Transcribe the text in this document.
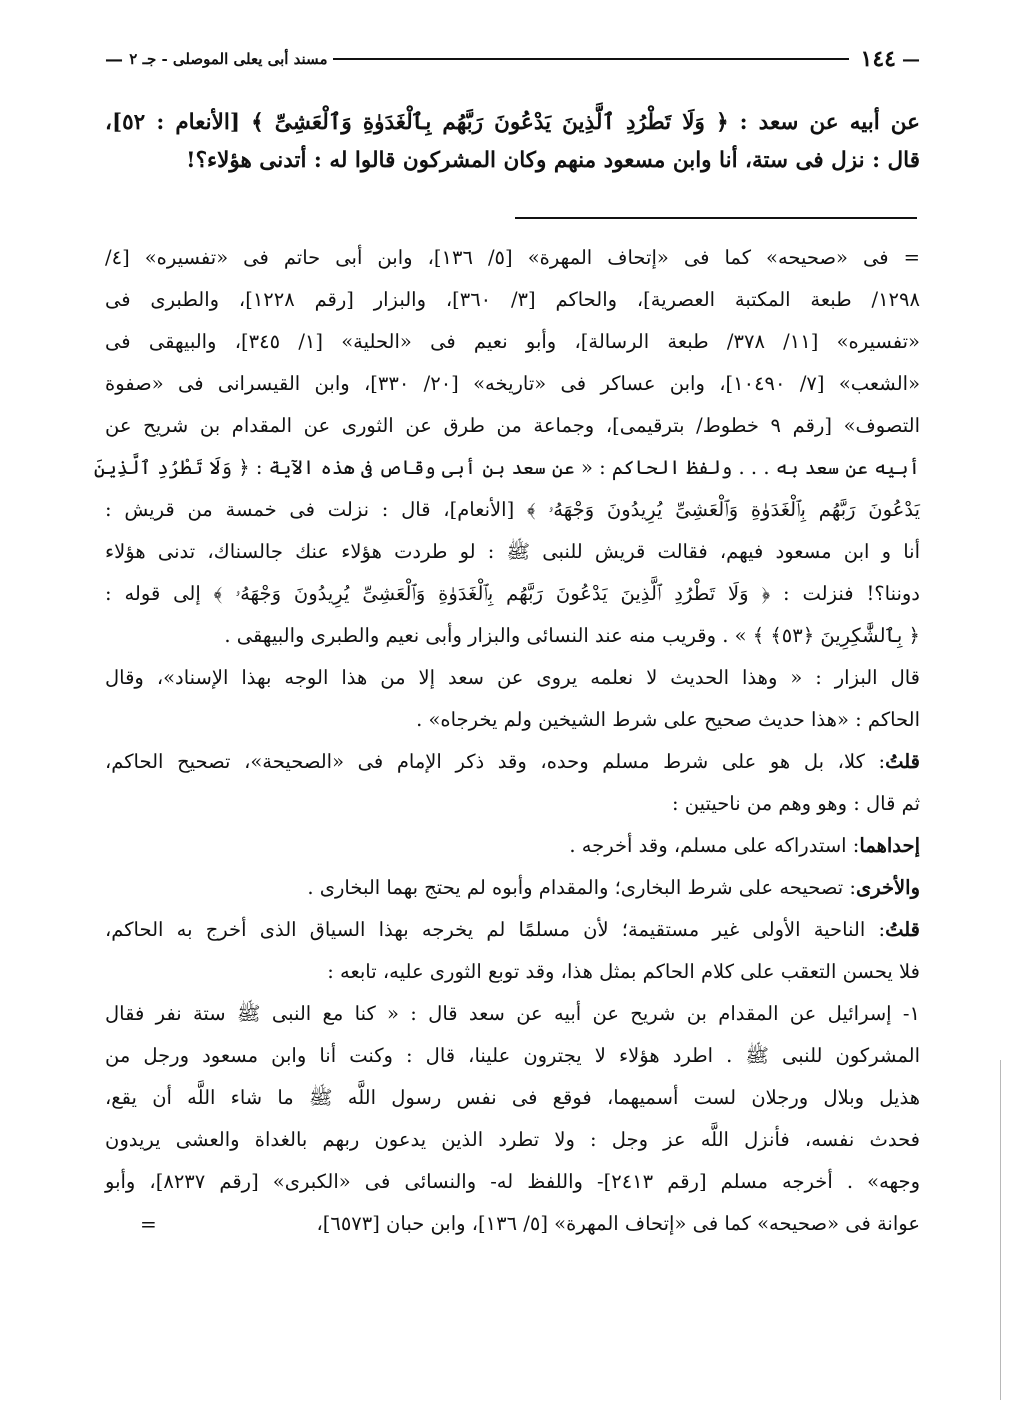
—
١٤٤
مسند أبى يعلى الموصلى - جـ ٢
—
عن أبيه عن سعد : ﴿ وَلَا تَطْرُدِ ٱلَّذِينَ يَدْعُونَ رَبَّهُم بِٱلْغَدَوٰةِ وَٱلْعَشِىِّ ﴾ [الأنعام : ٥٢]،
قال : نزل فى ستة، أنا وابن مسعود منهم وكان المشركون قالوا له : أتدنى هؤلاء؟!
= فى «صحيحه» كما فى «إتحاف المهرة» [٥/ ١٣٦]، وابن أبى حاتم فى «تفسيره» [٤/
١٢٩٨/ طبعة المكتبة العصرية]، والحاكم [٣/ ٣٦٠]، والبزار [رقم ١٢٢٨]، والطبرى فى
«تفسيره» [١١/ ٣٧٨/ طبعة الرسالة]، وأبو نعيم فى «الحلية» [١/ ٣٤٥]، والبيهقى فى
«الشعب» [٧/ ١٠٤٩٠]، وابن عساكر فى «تاريخه» [٢٠/ ٣٣٠]، وابن القيسرانى فى «صفوة
التصوف» [رقم ٩ خطوط/ بترقيمى]، وجماعة من طرق عن الثورى عن المقدام بن شريح عن
أبيه عن سعد به . . . ولفظ الحاكم : « عن سعد بن أبى وقاص فى هذه الآية : ﴿ وَلَا تَطْرُدِ ٱلَّذِينَ
يَدْعُونَ رَبَّهُم بِٱلْغَدَوٰةِ وَٱلْعَشِىِّ يُرِيدُونَ وَجْهَهُۥ ﴾ [الأنعام]، قال : نزلت فى خمسة من قريش :
أنا و ابن مسعود فيهم، فقالت قريش للنبى ﷺ : لو طردت هؤلاء عنك جالسناك، تدنى هؤلاء
دوننا؟! فنزلت : ﴿ وَلَا تَطْرُدِ ٱلَّذِينَ يَدْعُونَ رَبَّهُم بِٱلْغَدَوٰةِ وَٱلْعَشِىِّ يُرِيدُونَ وَجْهَهُۥ ﴾ إلى قوله :
﴿ بِٱلشَّٰكِرِينَ ﴿٥٣﴾ ﴾ » . وقريب منه عند النسائى والبزار وأبى نعيم والطبرى والبيهقى .
قال البزار : « وهذا الحديث لا نعلمه يروى عن سعد إلا من هذا الوجه بهذا الإسناد»، وقال
الحاكم : «هذا حديث صحيح على شرط الشيخين ولم يخرجاه» .
قلتُ: كلا، بل هو على شرط مسلم وحده، وقد ذكر الإمام فى «الصحيحة»، تصحيح الحاكم،
ثم قال : وهو وهم من ناحيتين :
إحداهما: استدراكه على مسلم، وقد أخرجه .
والأخرى: تصحيحه على شرط البخارى؛ والمقدام وأبوه لم يحتج بهما البخارى .
قلتُ: الناحية الأولى غير مستقيمة؛ لأن مسلمًا لم يخرجه بهذا السياق الذى أخرج به الحاكم،
فلا يحسن التعقب على كلام الحاكم بمثل هذا، وقد توبع الثورى عليه، تابعه :
١- إسرائيل عن المقدام بن شريح عن أبيه عن سعد قال : « كنا مع النبى ﷺ ستة نفر فقال
المشركون للنبى ﷺ . اطرد هؤلاء لا يجترون علينا، قال : وكنت أنا وابن مسعود ورجل من
هذيل وبلال ورجلان لست أسميهما، فوقع فى نفس رسول اللَّه ﷺ ما شاء اللَّه أن يقع،
فحدث نفسه، فأنزل اللَّه عز وجل : ولا تطرد الذين يدعون ربهم بالغداة والعشى يريدون
وجهه» . أخرجه مسلم [رقم ٢٤١٣]- واللفظ له- والنسائى فى «الكبرى» [رقم ٨٢٣٧]، وأبو
عوانة فى «صحيحه» كما فى «إتحاف المهرة» [٥/ ١٣٦]، وابن حبان [٦٥٧٣]،
=
